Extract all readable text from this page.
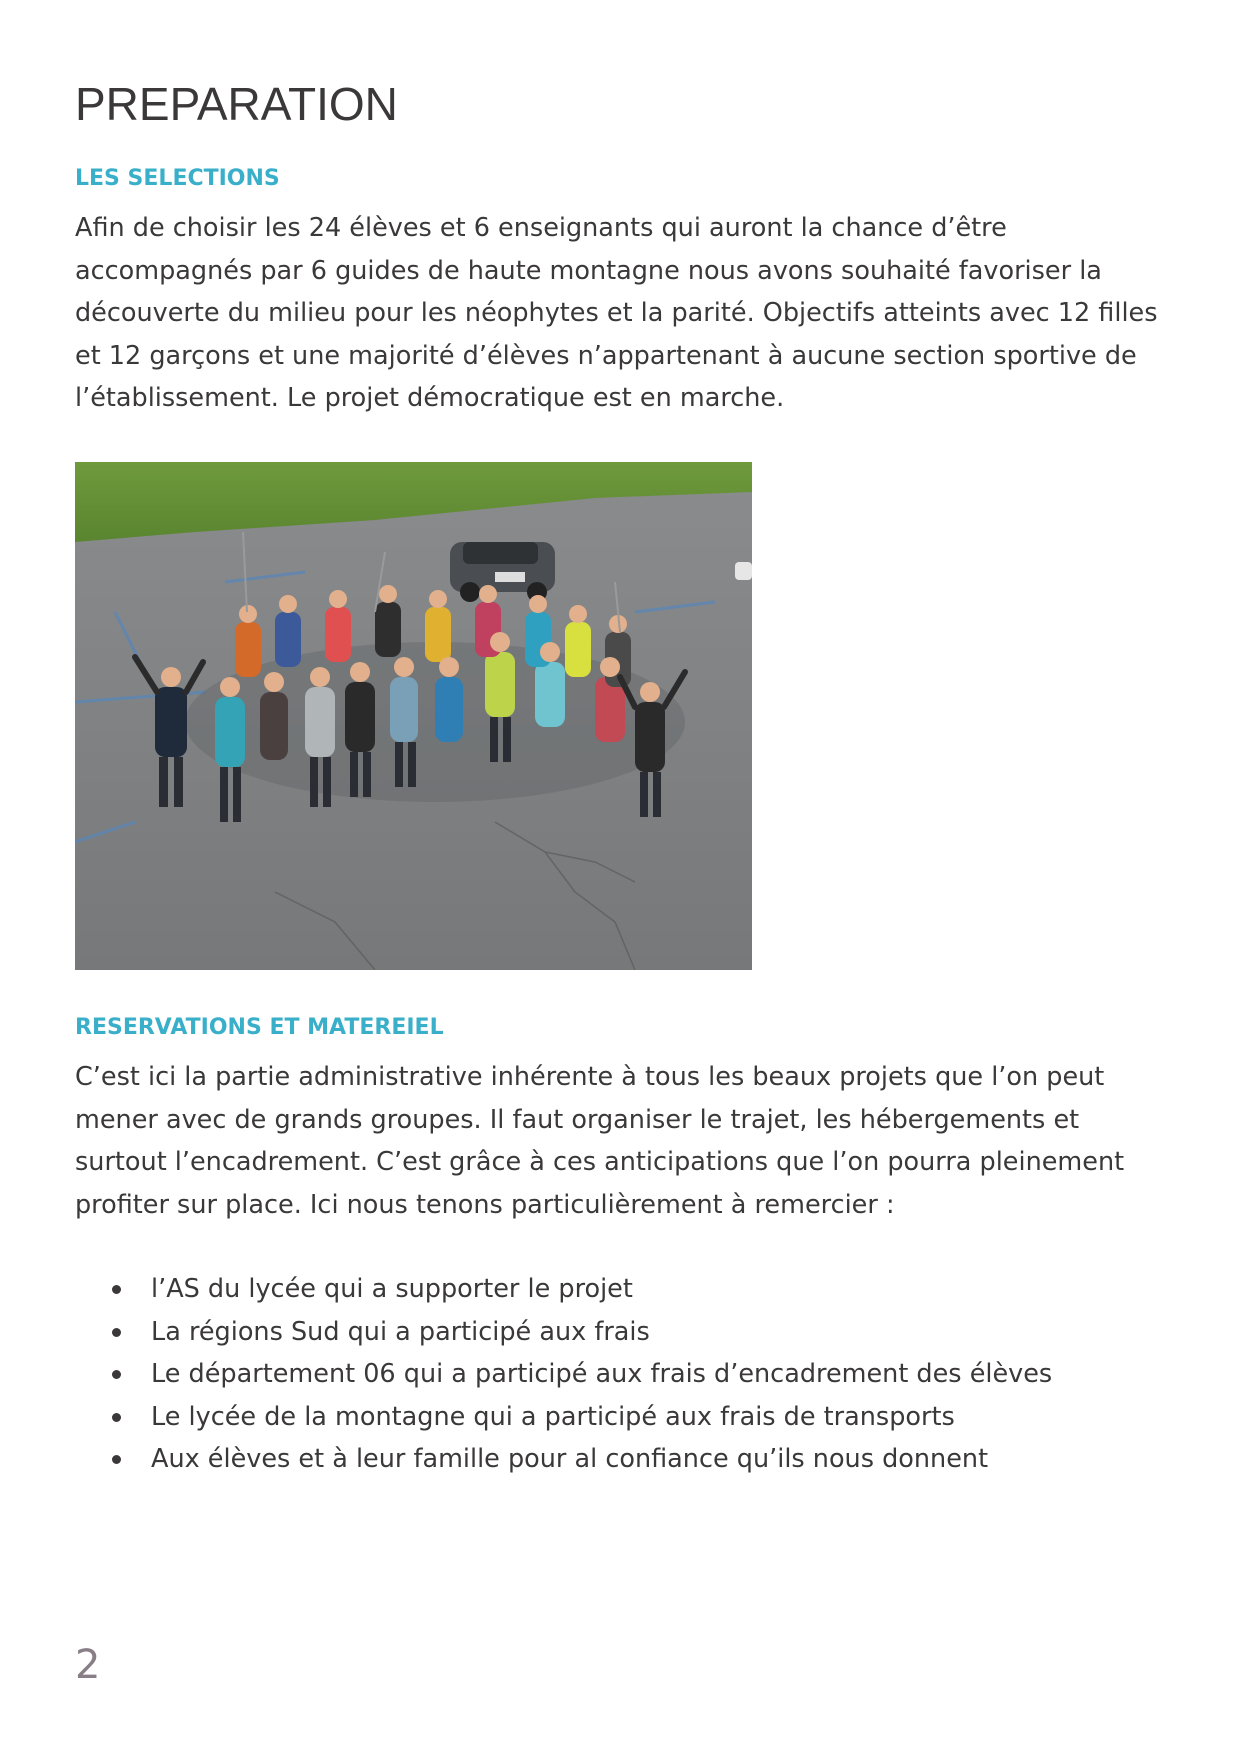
PREPARATION
LES SELECTIONS

Afin de choisir les 24 élèves et 6 enseignants qui auront la chance d’être accompagnés par 6 guides de haute montagne nous avons souhaité favoriser la découverte du milieu pour les néophytes et la parité. Objectifs atteints avec 12 filles et 12 garçons et une majorité d’élèves n’appartenant à aucune section sportive de l’établissement. Le projet démocratique est en marche.

RESERVATIONS ET MATEREIEL

C’est ici la partie administrative inhérente à tous les beaux projets que l’on peut mener avec de grands groupes. Il faut organiser le trajet, les hébergements et surtout l’encadrement. C’est grâce à ces anticipations que l’on pourra pleinement profiter sur place. Ici nous tenons particulièrement à remercier :

l’AS du lycée qui a supporter le projet
La régions Sud qui a participé aux frais
Le département 06 qui a participé aux frais d’encadrement des élèves
Le lycée de la montagne qui a participé aux frais de transports
Aux élèves et à leur famille pour al confiance qu’ils nous donnent

2
